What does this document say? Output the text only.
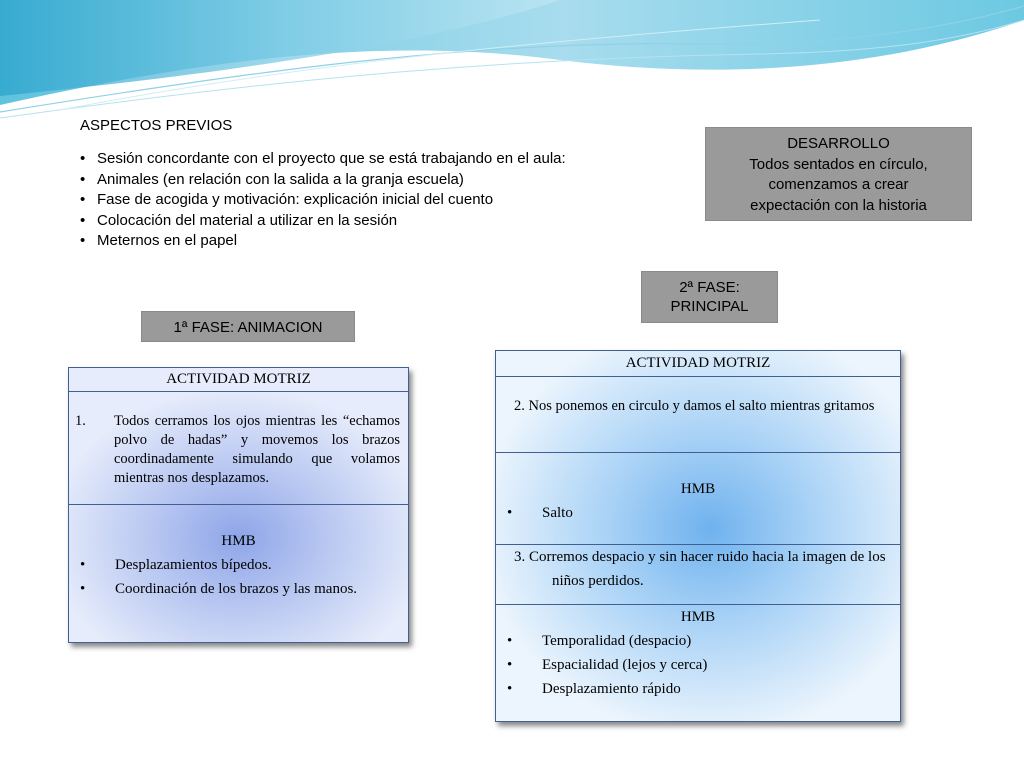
ASPECTOS PREVIOS
• Sesión concordante con el proyecto que se está trabajando en el aula:
• Animales (en relación con la salida a la granja escuela)
• Fase de acogida y motivación: explicación inicial del cuento
• Colocación del material a utilizar en la sesión
• Meternos en el papel
DESARROLLO
Todos sentados en círculo,
comenzamos a crear
expectación con la historia
2ª FASE:
PRINCIPAL
1ª FASE: ANIMACION
ACTIVIDAD MOTRIZ
1. Todos cerramos los ojos mientras les “echamos polvo de hadas” y movemos los brazos coordinadamente simulando que volamos mientras nos desplazamos.
HMB
• Desplazamientos bípedos.
• Coordinación de los brazos y las manos.
ACTIVIDAD MOTRIZ
2. Nos ponemos en circulo y damos el salto mientras gritamos
HMB
• Salto
3. Corremos despacio y sin hacer ruido hacia la imagen de los niños perdidos.
HMB
• Temporalidad (despacio)
• Espacialidad (lejos y cerca)
• Desplazamiento rápido
